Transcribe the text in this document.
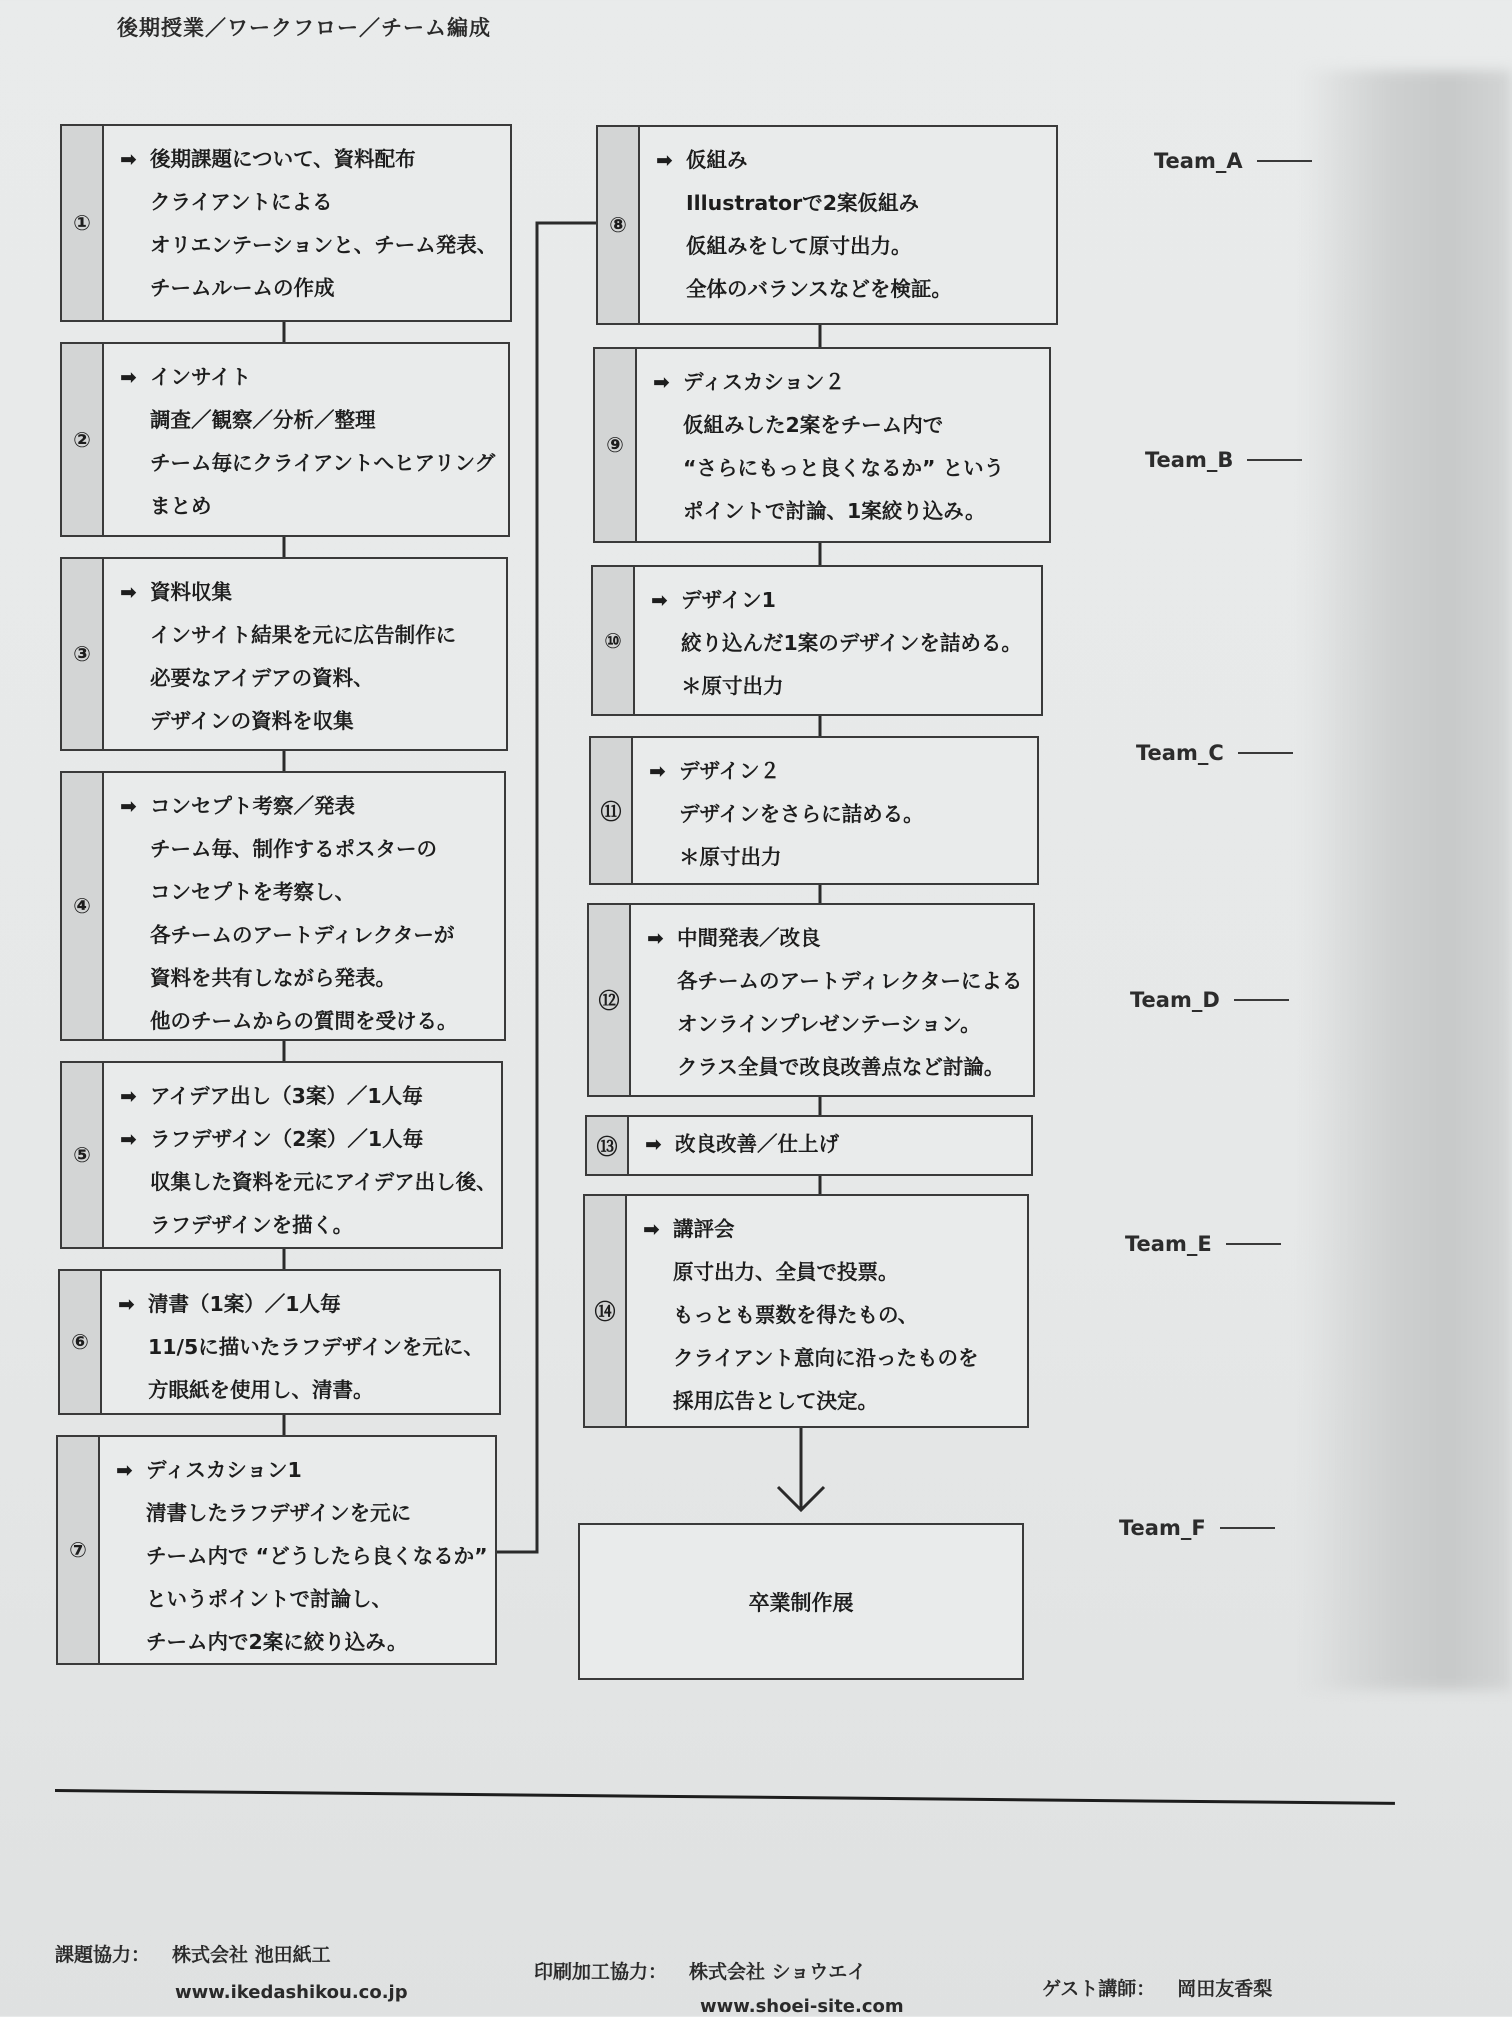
後期授業／ワークフロー／チーム編成
①
➡ 後期課題について、資料配布
クライアントによる
オリエンテーションと、チーム発表、
チームルームの作成
②
➡ インサイト
調査／観察／分析／整理
チーム毎にクライアントへヒアリング
まとめ
③
➡ 資料収集
インサイト結果を元に広告制作に
必要なアイデアの資料、
デザインの資料を収集
④
➡ コンセプト考察／発表
チーム毎、制作するポスターの
コンセプトを考察し、
各チームのアートディレクターが
資料を共有しながら発表。
他のチームからの質問を受ける。
⑤
➡ アイデア出し（3案）／1人毎
➡ ラフデザイン（2案）／1人毎
収集した資料を元にアイデア出し後、
ラフデザインを描く。
⑥
➡ 清書（1案）／1人毎
11/5に描いたラフデザインを元に、
方眼紙を使用し、清書。
⑦
➡ ディスカション1
清書したラフデザインを元に
チーム内で “どうしたら良くなるか”
というポイントで討論し、
チーム内で2案に絞り込み。
⑧
➡ 仮組み
Illustratorで2案仮組み
仮組みをして原寸出力。
全体のバランスなどを検証。
⑨
➡ ディスカション２
仮組みした2案をチーム内で
“さらにもっと良くなるか” という
ポイントで討論、1案絞り込み。
⑩
➡ デザイン1
絞り込んだ1案のデザインを詰める。
＊原寸出力
⑪
➡ デザイン２
デザインをさらに詰める。
＊原寸出力
⑫
➡ 中間発表／改良
各チームのアートディレクターによる
オンラインプレゼンテーション。
クラス全員で改良改善点など討論。
⑬	➡ 改良改善／仕上げ
⑭
➡ 講評会
原寸出力、全員で投票。
もっとも票数を得たもの、
クライアント意向に沿ったものを
採用広告として決定。
卒業制作展
Team_A
Team_B
Team_C
Team_D
Team_E
Team_F
課題協力： 株式会社 池田紙工
www.ikedashikou.co.jp
印刷加工協力： 株式会社 ショウエイ
www.shoei-site.com
ゲスト講師： 岡田友香梨
